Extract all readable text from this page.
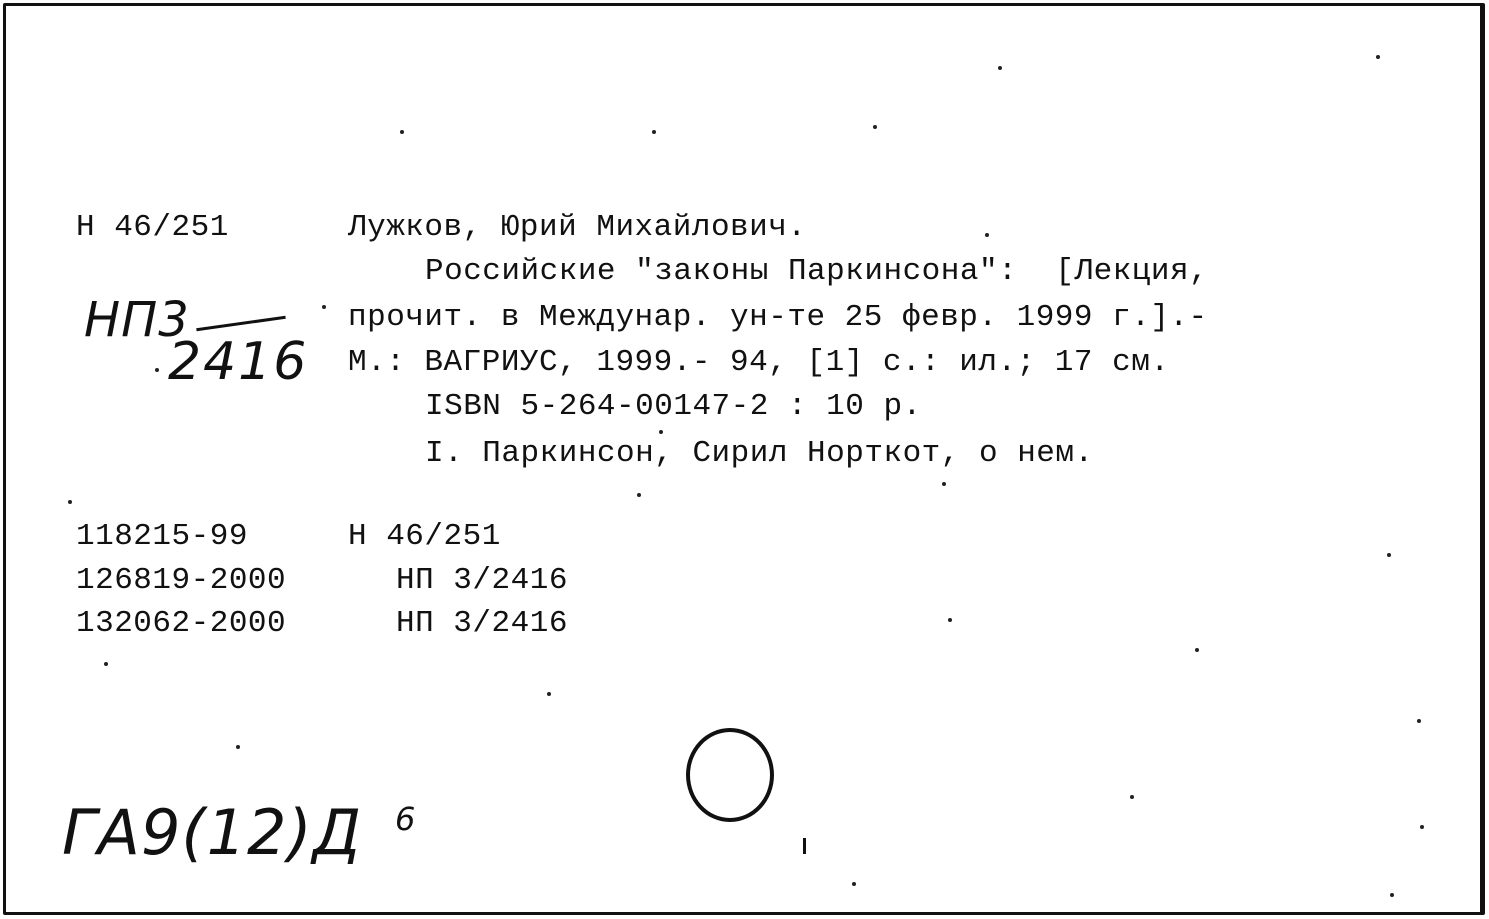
Н 46/251	Лужков, Юрий Михайлович.
Российские "законы Паркинсона":  [Лекция,
прочит. в Междунар. ун-те 25 февр. 1999 г.].-
М.: ВАГРИУС, 1999.- 94, [1] с.: ил.; 17 см.
ISBN 5-264-00147-2 : 10 р.
I. Паркинсон, Сирил Норткот, о нем.
НП3
2416
118215-99	Н 46/251
126819-2000	НП 3/2416
132062-2000	НП 3/2416
ГА9(12)Д 6
